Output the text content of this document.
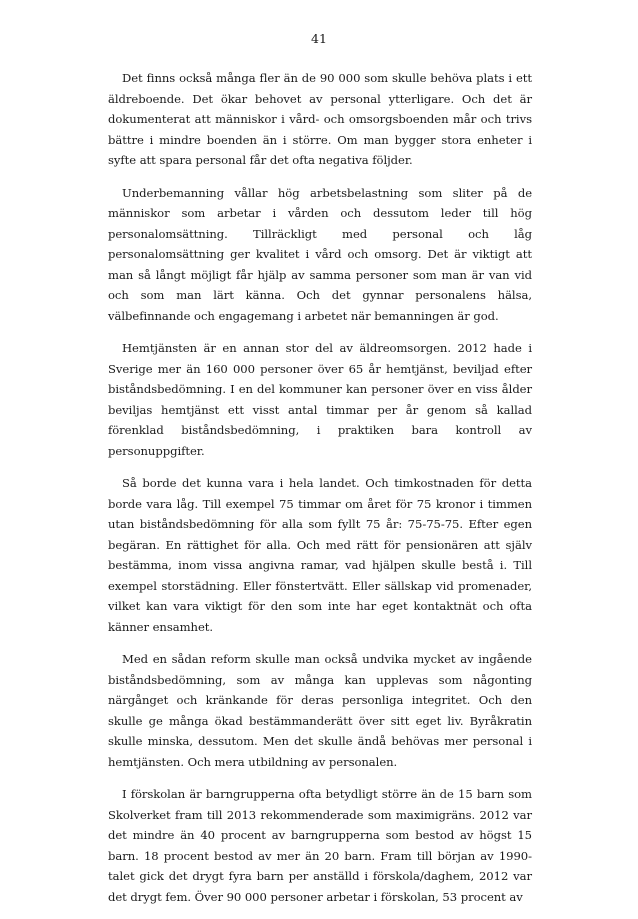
41

Det finns också många fler än de 90 000 som skulle behöva plats i ett äldreboende. Det ökar behovet av personal ytterligare. Och det är dokumenterat att människor i vård- och omsorgsboenden mår och trivs bättre i mindre boenden än i större. Om man bygger stora enheter i syfte att spara personal får det ofta negativa följder.

Underbemanning vållar hög arbetsbelastning som sliter på de människor som arbetar i vården och dessutom leder till hög personalomsättning. Tillräckligt med personal och låg personalomsättning ger kvalitet i vård och omsorg. Det är viktigt att man så långt möjligt får hjälp av samma personer som man är van vid och som man lärt känna. Och det gynnar personalens hälsa, välbefinnande och engagemang i arbetet när bemanningen är god.

Hemtjänsten är en annan stor del av äldreomsorgen. 2012 hade i Sverige mer än 160 000 personer över 65 år hemtjänst, beviljad efter biståndsbedömning. I en del kommuner kan personer över en viss ålder beviljas hemtjänst ett visst antal timmar per år genom så kallad förenklad biståndsbedömning, i praktiken bara kontroll av personuppgifter.

Så borde det kunna vara i hela landet. Och timkostnaden för detta borde vara låg. Till exempel 75 timmar om året för 75 kronor i timmen utan biståndsbedömning för alla som fyllt 75 år: 75-75-75. Efter egen begäran. En rättighet för alla. Och med rätt för pensionären att själv bestämma, inom vissa angivna ramar, vad hjälpen skulle bestå i. Till exempel storstädning. Eller fönstertvätt. Eller sällskap vid promenader, vilket kan vara viktigt för den som inte har eget kontaktnät och ofta känner ensamhet.

Med en sådan reform skulle man också undvika mycket av ingående biståndsbedömning, som av många kan upplevas som någonting närgånget och kränkande för deras personliga integritet. Och den skulle ge många ökad bestämmanderätt över sitt eget liv. Byråkratin skulle minska, dessutom. Men det skulle ändå behövas mer personal i hemtjänsten. Och mera utbildning av personalen.

I förskolan är barngrupperna ofta betydligt större än de 15 barn som Skolverket fram till 2013 rekommenderade som maximigräns. 2012 var det mindre än 40 procent av barngrupperna som bestod av högst 15 barn. 18 procent bestod av mer än 20 barn. Fram till början av 1990-talet gick det drygt fyra barn per anställd i förskola/daghem, 2012 var det drygt fem. Över 90 000 personer arbetar i förskolan, 53 procent av
